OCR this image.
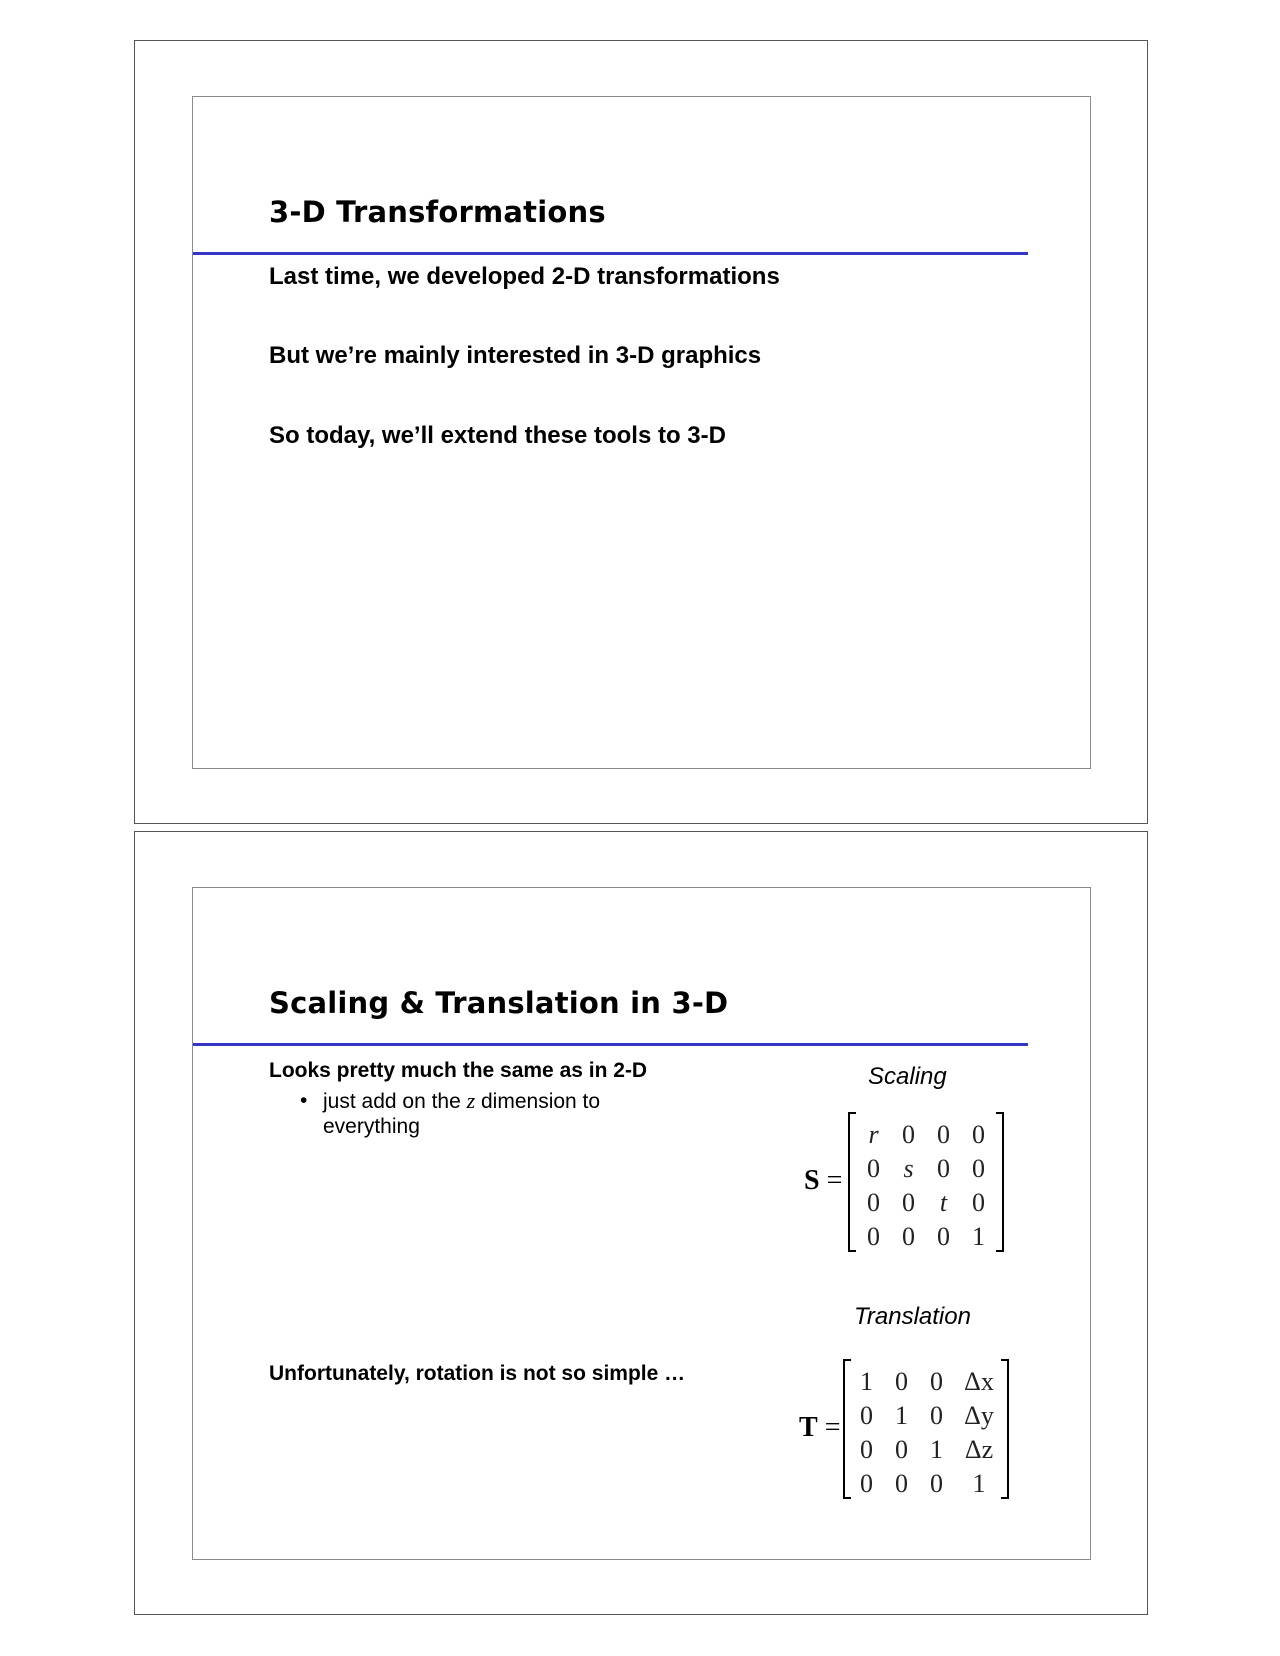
3-D Transformations

Last time, we developed 2-D transformations

But we’re mainly interested in 3-D graphics

So today, we’ll extend these tools to 3-D

Scaling & Translation in 3-D

Looks pretty much the same as in 2-D

• just add on the z dimension to everything

Unfortunately, rotation is not so simple …

Scaling

S =
r 0 0 0
0 s 0 0
0 0 t 0
0 0 0 1

Translation

T =
1 0 0 Δx
0 1 0 Δy
0 0 1 Δz
0 0 0	1
